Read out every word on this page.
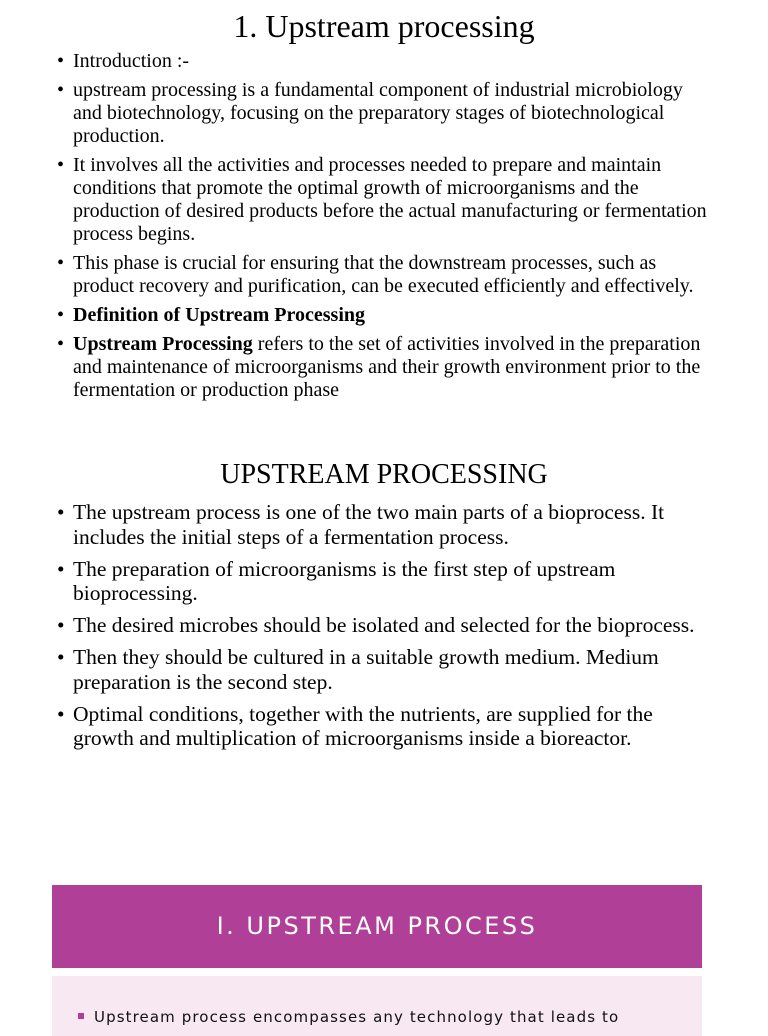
1. Upstream processing
• Introduction :-
• upstream processing is a fundamental component of industrial microbiology and biotechnology, focusing on the preparatory stages of biotechnological production.
• It involves all the activities and processes needed to prepare and maintain conditions that promote the optimal growth of microorganisms and the production of desired products before the actual manufacturing or fermentation process begins.
• This phase is crucial for ensuring that the downstream processes, such as product recovery and purification, can be executed efficiently and effectively.
• Definition of Upstream Processing
• Upstream Processing refers to the set of activities involved in the preparation and maintenance of microorganisms and their growth environment prior to the fermentation or production phase
UPSTREAM PROCESSING
• The upstream process is one of the two main parts of a bioprocess. It includes the initial steps of a fermentation process.
• The preparation of microorganisms is the first step of upstream bioprocessing.
• The desired microbes should be isolated and selected for the bioprocess.
• Then they should be cultured in a suitable growth medium. Medium preparation is the second step.
• Optimal conditions, together with the nutrients, are supplied for the growth and multiplication of microorganisms inside a bioreactor.
I. UPSTREAM PROCESS
Upstream process encompasses any technology that leads to
